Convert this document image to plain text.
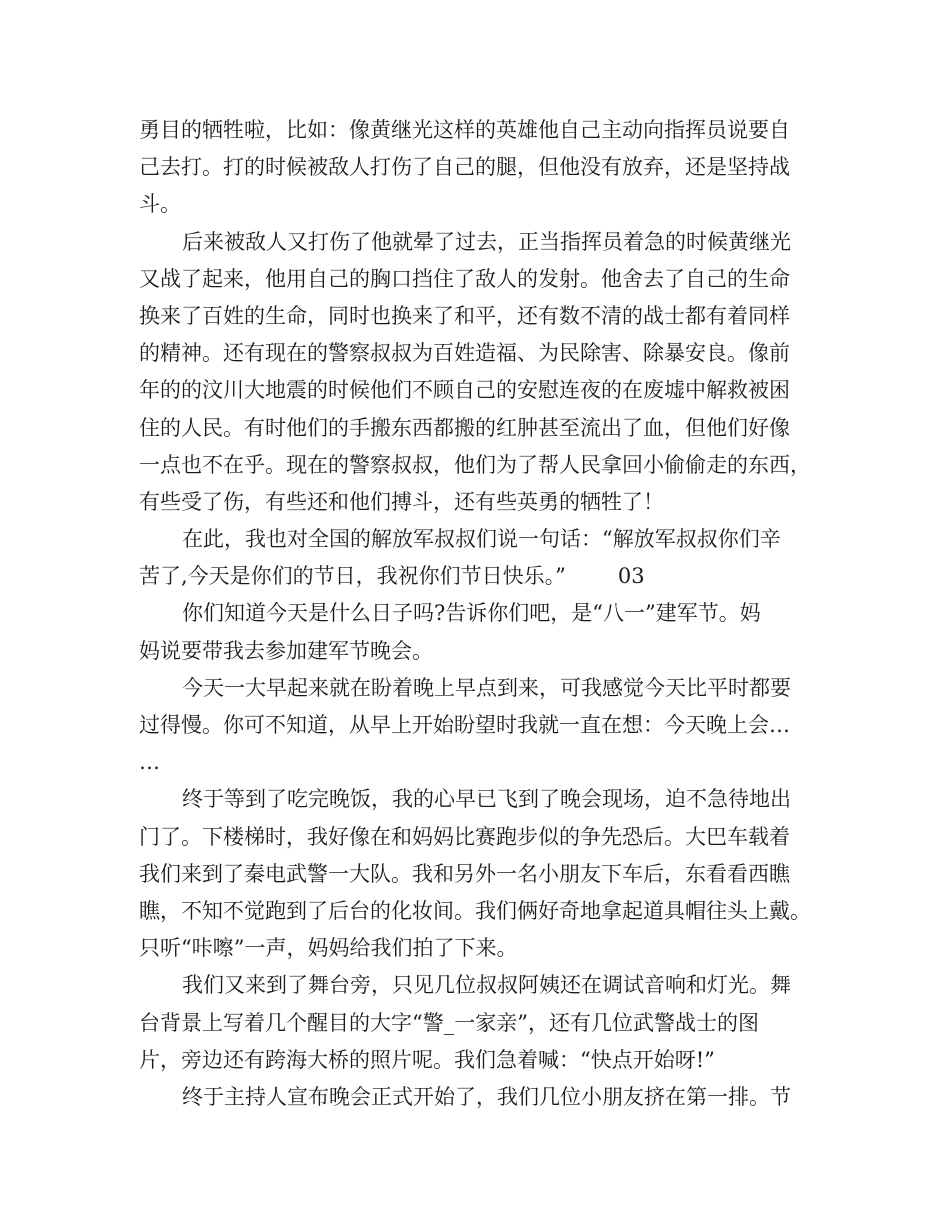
勇目的牺牲啦，比如：像黄继光这样的英雄他自己主动向指挥员说要自
己去打。打的时候被敌人打伤了自己的腿，但他没有放弃，还是坚持战
斗。
后来被敌人又打伤了他就晕了过去，正当指挥员着急的时候黄继光
又战了起来，他用自己的胸口挡住了敌人的发射。他舍去了自己的生命
换来了百姓的生命，同时也换来了和平，还有数不清的战士都有着同样
的精神。还有现在的警察叔叔为百姓造福、为民除害、除暴安良。像前
年的的汶川大地震的时候他们不顾自己的安慰连夜的在废墟中解救被困
住的人民。有时他们的手搬东西都搬的红肿甚至流出了血，但他们好像
一点也不在乎。现在的警察叔叔，他们为了帮人民拿回小偷偷走的东西，
有些受了伤，有些还和他们搏斗，还有些英勇的牺牲了！
在此，我也对全国的解放军叔叔们说一句话：“解放军叔叔你们辛
苦了,今天是你们的节日，我祝你们节日快乐。” 03
你们知道今天是什么日子吗?告诉你们吧，是“八一”建军节。妈
妈说要带我去参加建军节晚会。
今天一大早起来就在盼着晚上早点到来，可我感觉今天比平时都要
过得慢。你可不知道，从早上开始盼望时我就一直在想：今天晚上会…
…
终于等到了吃完晚饭，我的心早已飞到了晚会现场，迫不急待地出
门了。下楼梯时，我好像在和妈妈比赛跑步似的争先恐后。大巴车载着
我们来到了秦电武警一大队。我和另外一名小朋友下车后，东看看西瞧
瞧，不知不觉跑到了后台的化妆间。我们俩好奇地拿起道具帽往头上戴。
只听“咔嚓”一声，妈妈给我们拍了下来。
我们又来到了舞台旁，只见几位叔叔阿姨还在调试音响和灯光。舞
台背景上写着几个醒目的大字“警_一家亲”，还有几位武警战士的图
片，旁边还有跨海大桥的照片呢。我们急着喊：“快点开始呀!”
终于主持人宣布晚会正式开始了，我们几位小朋友挤在第一排。节
